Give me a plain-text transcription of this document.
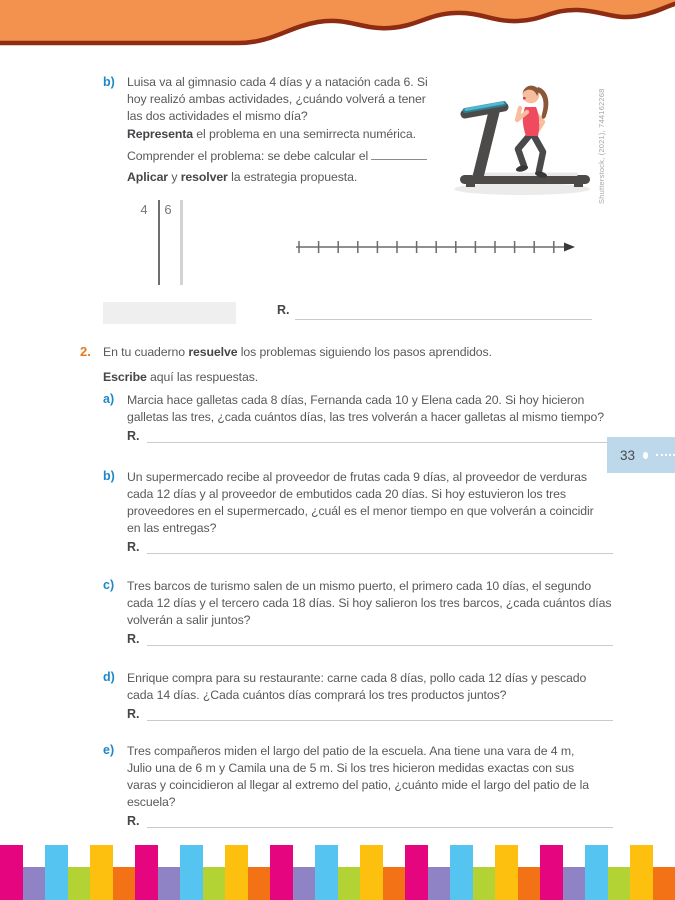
b) Luisa va al gimnasio cada 4 días y a natación cada 6. Si
hoy realizó ambas actividades, ¿cuándo volverá a tener
las dos actividades el mismo día?
Representa el problema en una semirrecta numérica.
Comprender el problema: se debe calcular el
Aplicar y resolver la estrategia propuesta.	Shutterstock, (2021), 744162268
4	6
R.
2. En tu cuaderno resuelve los problemas siguiendo los pasos aprendidos.
Escribe aquí las respuestas.
a) Marcia hace galletas cada 8 días, Fernanda cada 10 y Elena cada 20. Si hoy hicieron
galletas las tres, ¿cada cuántos días, las tres volverán a hacer galletas al mismo tiempo?
R.
33
b) Un supermercado recibe al proveedor de frutas cada 9 días, al proveedor de verduras
cada 12 días y al proveedor de embutidos cada 20 días. Si hoy estuvieron los tres
proveedores en el supermercado, ¿cuál es el menor tiempo en que volverán a coincidir
en las entregas?
R.
c) Tres barcos de turismo salen de un mismo puerto, el primero cada 10 días, el segundo
cada 12 días y el tercero cada 18 días. Si hoy salieron los tres barcos, ¿cada cuántos días
volverán a salir juntos?
R.
d) Enrique compra para su restaurante: carne cada 8 días, pollo cada 12 días y pescado
cada 14 días. ¿Cada cuántos días comprará los tres productos juntos?
R.
e) Tres compañeros miden el largo del patio de la escuela. Ana tiene una vara de 4 m,
Julio una de 6 m y Camila una de 5 m. Si los tres hicieron medidas exactas con sus
varas y coincidieron al llegar al extremo del patio, ¿cuánto mide el largo del patio de la
escuela?
R.
